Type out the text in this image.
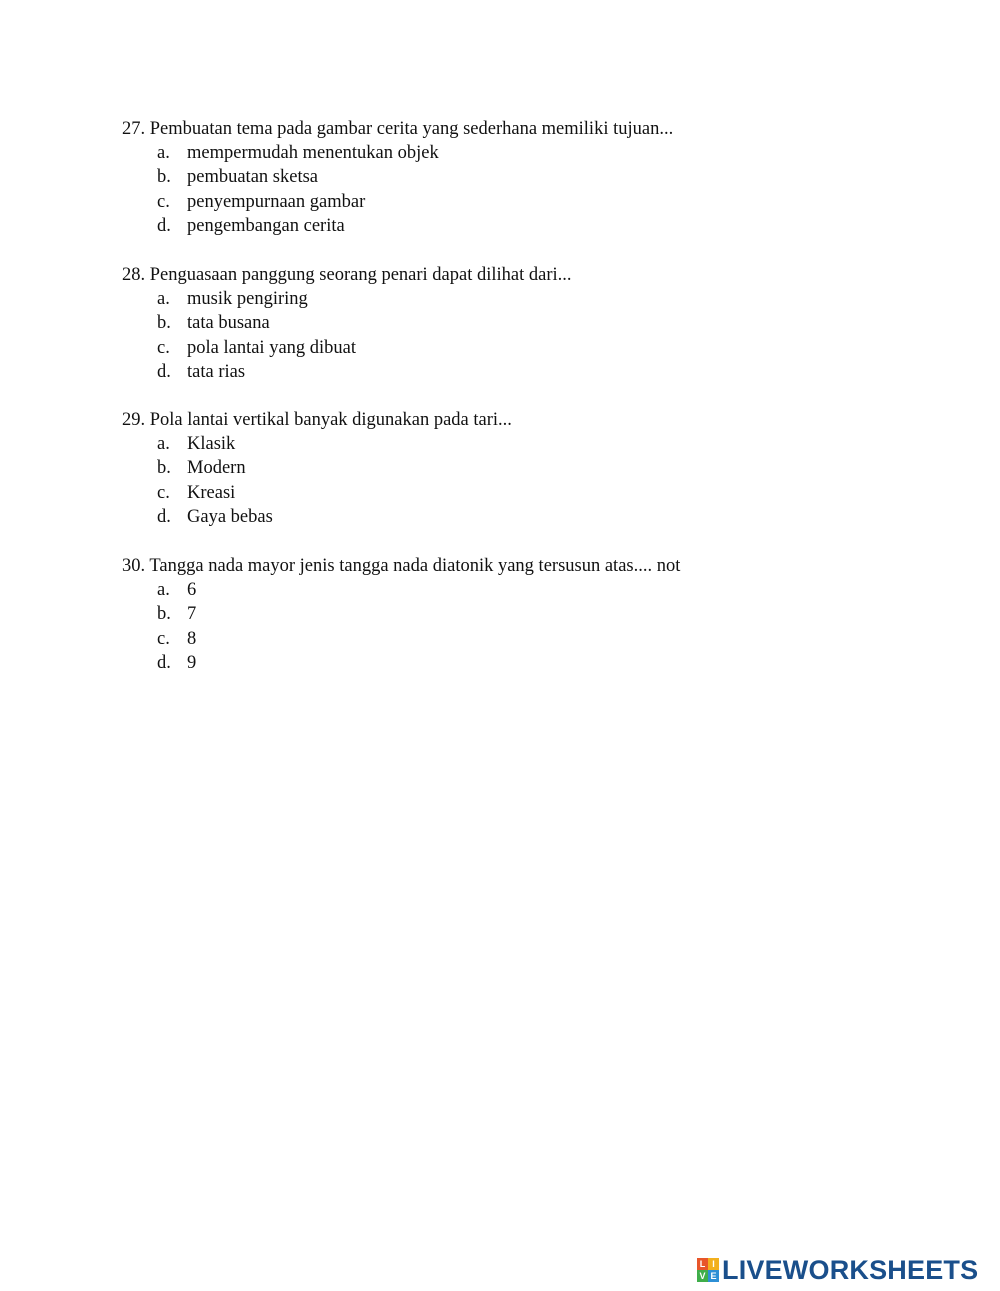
27. Pembuatan tema pada gambar cerita yang sederhana memiliki tujuan...
a. mempermudah menentukan objek
b. pembuatan sketsa
c. penyempurnaan gambar
d. pengembangan cerita
28. Penguasaan panggung seorang penari dapat dilihat dari...
a. musik pengiring
b. tata busana
c. pola lantai yang dibuat
d. tata rias
29. Pola lantai vertikal banyak digunakan pada tari...
a. Klasik
b. Modern
c. Kreasi
d. Gaya bebas
30. Tangga nada mayor jenis tangga nada diatonik yang tersusun atas.... not
a. 6
b. 7
c. 8
d. 9
L I
V E LIVEWORKSHEETS
